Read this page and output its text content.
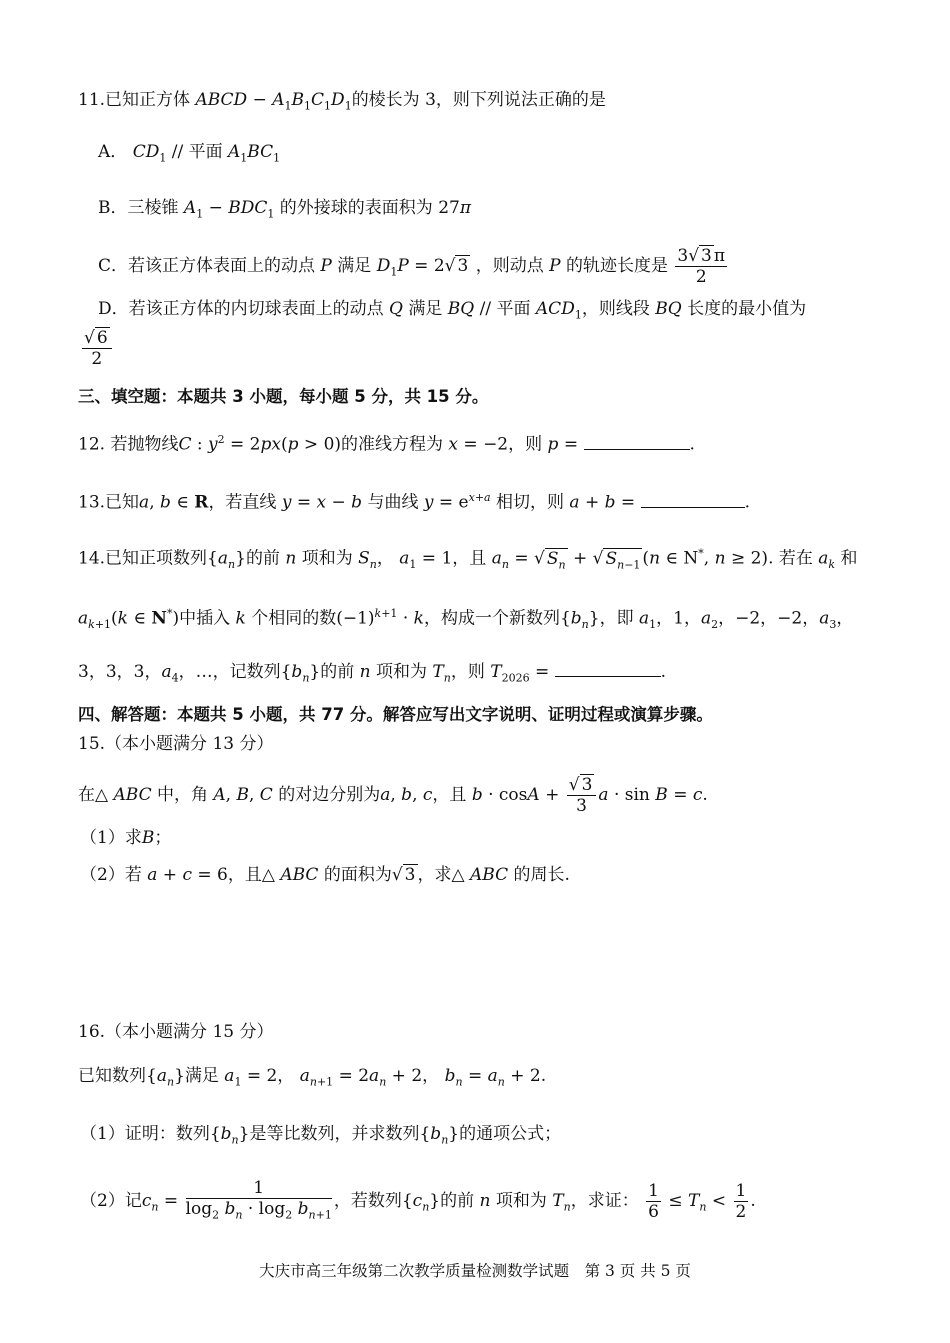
11.已知正方体 ABCD − $A_1B_1C_1D_1$的棱长为 3，则下列说法正确的是
A． $CD_1$ // 平面 $A_1BC_1$
B．三棱锥 $A_1 - BDC_1$ 的外接球的表面积为 27π
C．若该正方体表面上的动点 P 满足 $D_1P = 2√$ 3 ，则动点 P 的轨迹长度是 $\frac{3√ 3 \pi}{2}$
D．若该正方体的内切球表面上的动点 Q 满足 BQ // 平面 $ACD_1$，则线段 BQ 长度的最小值为
$\frac{√ 6}{2}$
三、填空题：本题共 3 小题，每小题 5 分，共 15 分。
12. 若抛物线C : $y^2 = 2px(p > 0)$的准线方程为 x = −2，则 p =	.
13.已知a, b ∈ R，若直线 y = x − b 与曲线 $y = e^{x+a}$ 相切，则 a + b =	.
14.已知正项数列$\{a_n\}$的前 n 项和为 $S_n$， $a_1 = 1$，且 $a_n$ = √ $S_n$ + √ $S_{n-1}$ (n ∈ N*, n ≥ 2). 若在 $a_k$ 和
$a_{k+1}(k$ ∈ N*)中插入 k 个相同的数$(-1)^{k+1} \cdot k$，构成一个新数列$\{b_n\}$，即 $a_1$，1，$a_2$，−2，−2，$a_3$，
3，3，3，$a_4$，…，记数列$\{b_n\}$的前 n 项和为 $T_n$，则 $T_{2026}$ =	.
四、解答题：本题共 5 小题，共 77 分。解答应写出文字说明、证明过程或演算步骤。
15.（本小题满分 13 分）
在△ ABC 中，角 A, B, C 的对边分别为a, b, c，且 $b \cdot \cos A + \frac{√ 3}{3}$ a · sin B = c.
（1）求B；
（2）若 a + c = 6，且△ ABC 的面积为√ 3 ，求△ ABC 的周长.
16.（本小题满分 15 分）
已知数列$\{a_n\}$满足 $a_1 = 2$， $a_{n+1} = 2a_n + 2$， $b_n = a_n + 2$.
（1）证明：数列$\{b_n\}$是等比数列，并求数列$\{b_n\}$的通项公式；
（2）记$c_n = \frac{1}{\log_2 b_n \cdot \log_2 b_{n+1}}$ ，若数列$\{c_n\}$的前 n 项和为 $T_n$，求证： $\frac{1}{6} \le T_n < \frac{1}{2}$ .
大庆市高三年级第二次教学质量检测数学试题　第 3 页 共 5 页
